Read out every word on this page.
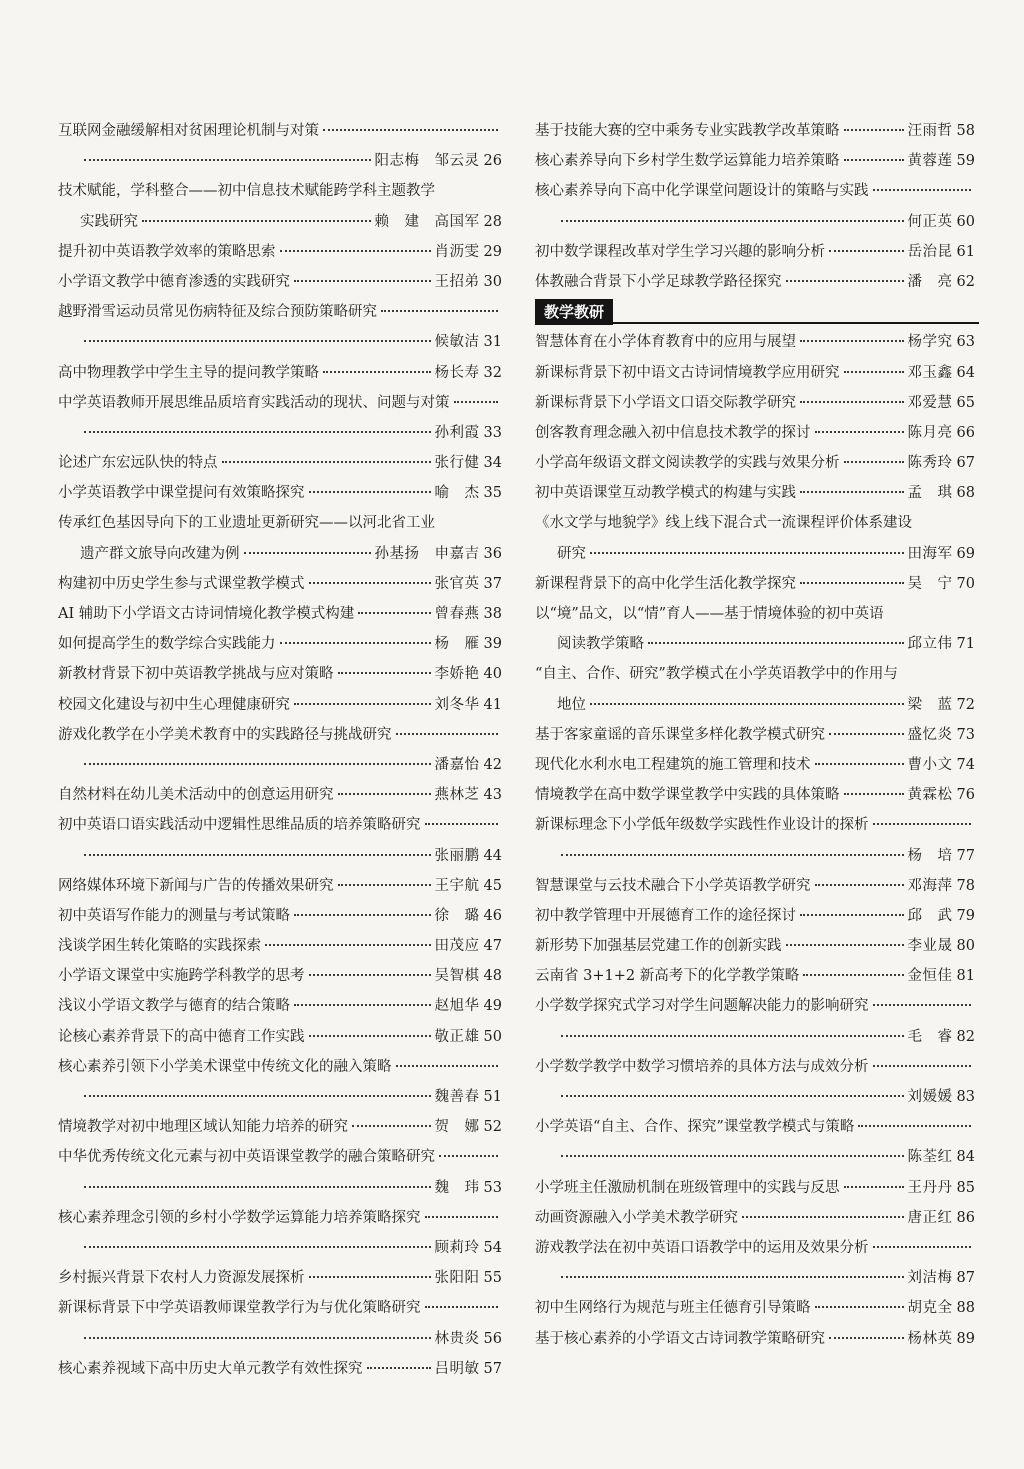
互联网金融缓解相对贫困理论机制与对策
阳志梅　邹云灵 26
技术赋能，学科整合——初中信息技术赋能跨学科主题教学
实践研究	赖　建　高国军 28
提升初中英语教学效率的策略思索	肖沥雯 29
小学语文教学中德育渗透的实践研究	王招弟 30
越野滑雪运动员常见伤病特征及综合预防策略研究
候敏洁 31
高中物理教学中学生主导的提问教学策略	杨长寿 32
中学英语教师开展思维品质培育实践活动的现状、问题与对策
孙利霞 33
论述广东宏远队快的特点	张行健 34
小学英语教学中课堂提问有效策略探究	喻　杰 35
传承红色基因导向下的工业遗址更新研究——以河北省工业
遗产群文旅导向改建为例	孙基扬　申嘉吉 36
构建初中历史学生参与式课堂教学模式	张官英 37
AI 辅助下小学语文古诗词情境化教学模式构建	曾春燕 38
如何提高学生的数学综合实践能力	杨　雁 39
新教材背景下初中英语教学挑战与应对策略	李娇艳 40
校园文化建设与初中生心理健康研究	刘冬华 41
游戏化教学在小学美术教育中的实践路径与挑战研究
潘嘉怡 42
自然材料在幼儿美术活动中的创意运用研究	燕林芝 43
初中英语口语实践活动中逻辑性思维品质的培养策略研究
张丽鹏 44
网络媒体环境下新闻与广告的传播效果研究	王宇航 45
初中英语写作能力的测量与考试策略	徐　璐 46
浅谈学困生转化策略的实践探索	田茂应 47
小学语文课堂中实施跨学科教学的思考	吴智棋 48
浅议小学语文教学与德育的结合策略	赵旭华 49
论核心素养背景下的高中德育工作实践	敬正雄 50
核心素养引领下小学美术课堂中传统文化的融入策略
魏善春 51
情境教学对初中地理区域认知能力培养的研究	贺　娜 52
中华优秀传统文化元素与初中英语课堂教学的融合策略研究
魏　玮 53
核心素养理念引领的乡村小学数学运算能力培养策略探究
顾莉玲 54
乡村振兴背景下农村人力资源发展探析	张阳阳 55
新课标背景下中学英语教师课堂教学行为与优化策略研究
林贵炎 56
核心素养视域下高中历史大单元教学有效性探究	吕明敏 57
基于技能大赛的空中乘务专业实践教学改革策略	汪雨哲 58
核心素养导向下乡村学生数学运算能力培养策略	黄蓉莲 59
核心素养导向下高中化学课堂问题设计的策略与实践
何正英 60
初中数学课程改革对学生学习兴趣的影响分析	岳治昆 61
体教融合背景下小学足球教学路径探究	潘　亮 62
教学教研
智慧体育在小学体育教育中的应用与展望	杨学究 63
新课标背景下初中语文古诗词情境教学应用研究	邓玉鑫 64
新课标背景下小学语文口语交际教学研究	邓爱慧 65
创客教育理念融入初中信息技术教学的探讨	陈月亮 66
小学高年级语文群文阅读教学的实践与效果分析	陈秀玲 67
初中英语课堂互动教学模式的构建与实践	孟　琪 68
《水文学与地貌学》线上线下混合式一流课程评价体系建设
研究	田海军 69
新课程背景下的高中化学生活化教学探究	吴　宁 70
以“境”品文，以“情”育人——基于情境体验的初中英语
阅读教学策略	邱立伟 71
“自主、合作、研究”教学模式在小学英语教学中的作用与
地位	梁　蓝 72
基于客家童谣的音乐课堂多样化教学模式研究	盛忆炎 73
现代化水利水电工程建筑的施工管理和技术	曹小文 74
情境教学在高中数学课堂教学中实践的具体策略	黄霖松 76
新课标理念下小学低年级数学实践性作业设计的探析
杨　培 77
智慧课堂与云技术融合下小学英语教学研究	邓海萍 78
初中教学管理中开展德育工作的途径探讨	邱　武 79
新形势下加强基层党建工作的创新实践	李业晟 80
云南省 3+1+2 新高考下的化学教学策略	金恒佳 81
小学数学探究式学习对学生问题解决能力的影响研究
毛　睿 82
小学数学教学中数学习惯培养的具体方法与成效分析
刘媛媛 83
小学英语“自主、合作、探究”课堂教学模式与策略
陈荃红 84
小学班主任激励机制在班级管理中的实践与反思	王丹丹 85
动画资源融入小学美术教学研究	唐正红 86
游戏教学法在初中英语口语教学中的运用及效果分析
刘洁梅 87
初中生网络行为规范与班主任德育引导策略	胡克全 88
基于核心素养的小学语文古诗词教学策略研究	杨林英 89
